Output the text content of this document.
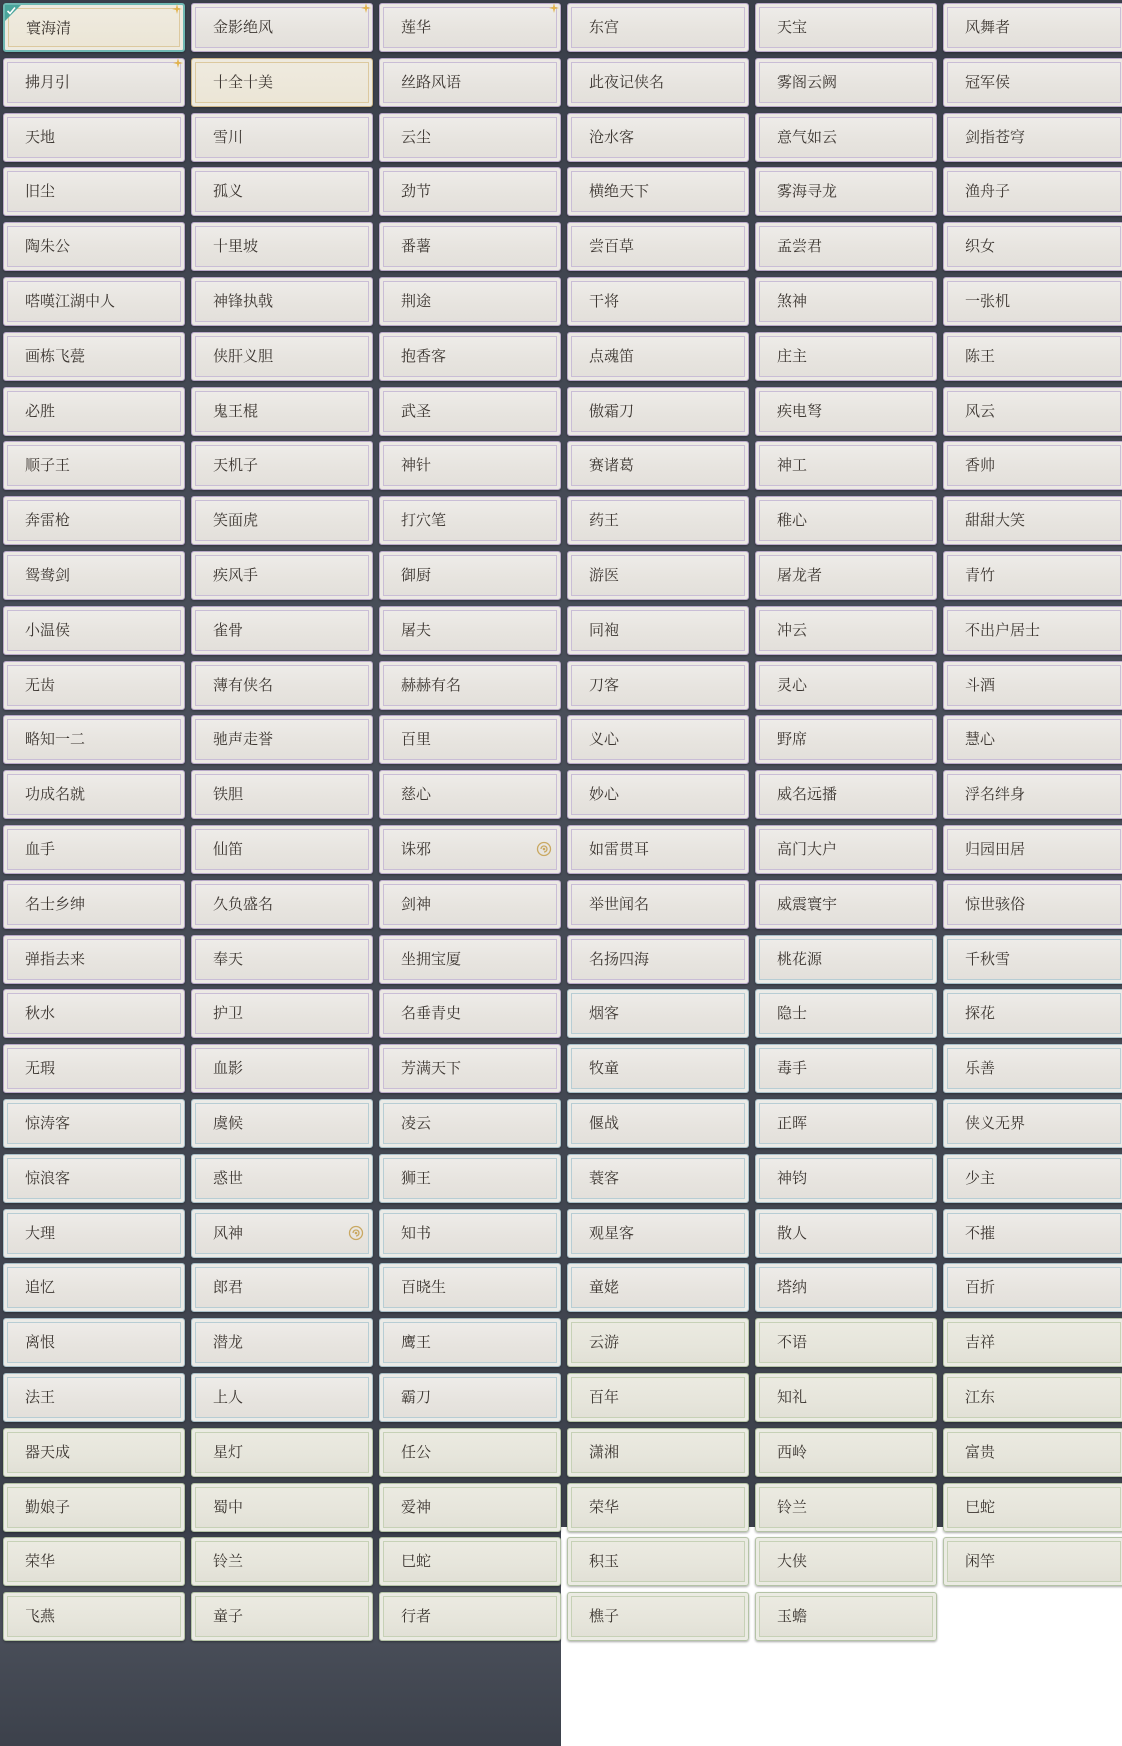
寰海清	金影绝风	莲华	东宫	天宝	风舞者
拂月引	十全十美	丝路风语	此夜记侠名	雾阁云阙	冠军侯
天地	雪川	云尘	沧水客	意气如云	剑指苍穹
旧尘	孤义	劲节	横绝天下	雾海寻龙	渔舟子
陶朱公	十里坡	番薯	尝百草	孟尝君	织女
嗒嘆江湖中人	神锋执戟	荆途	干将	煞神	一张机
画栋飞甍	侠肝义胆	抱香客	点魂笛	庄主	陈王
必胜	鬼王棍	武圣	傲霜刀	疾电弩	风云
顺子王	天机子	神针	赛诸葛	神工	香帅
奔雷枪	笑面虎	打穴笔	药王	稚心	甜甜大笑
鸳鸯剑	疾风手	御厨	游医	屠龙者	青竹
小温侯	雀骨	屠夫	同袍	冲云	不出户居士
无齿	薄有侠名	赫赫有名	刀客	灵心	斗酒
略知一二	驰声走誉	百里	义心	野席	慧心
功成名就	铁胆	慈心	妙心	威名远播	浮名绊身
血手	仙笛	诛邪	如雷贯耳	高门大户	归园田居
名士乡绅	久负盛名	剑神	举世闻名	威震寰宇	惊世骇俗
弹指去来	奉天	坐拥宝厦	名扬四海	桃花源	千秋雪
秋水	护卫	名垂青史	烟客	隐士	探花
无瑕	血影	芳满天下	牧童	毒手	乐善
惊涛客	虞候	凌云	偃战	正晖	侠义无界
惊浪客	惑世	狮王	蓑客	神钧	少主
大理	风神	知书	观星客	散人	不摧
追忆	郎君	百晓生	童姥	塔纳	百折
离恨	潜龙	鹰王	云游	不语	吉祥
法王	上人	霸刀	百年	知礼	江东
器天成	星灯	任公	潇湘	西岭	富贵
勤娘子	蜀中	爱神	荣华	铃兰	巳蛇
荣华	铃兰	巳蛇	积玉	大侠	闲竿
飞燕	童子	行者	樵子	玉蟾
